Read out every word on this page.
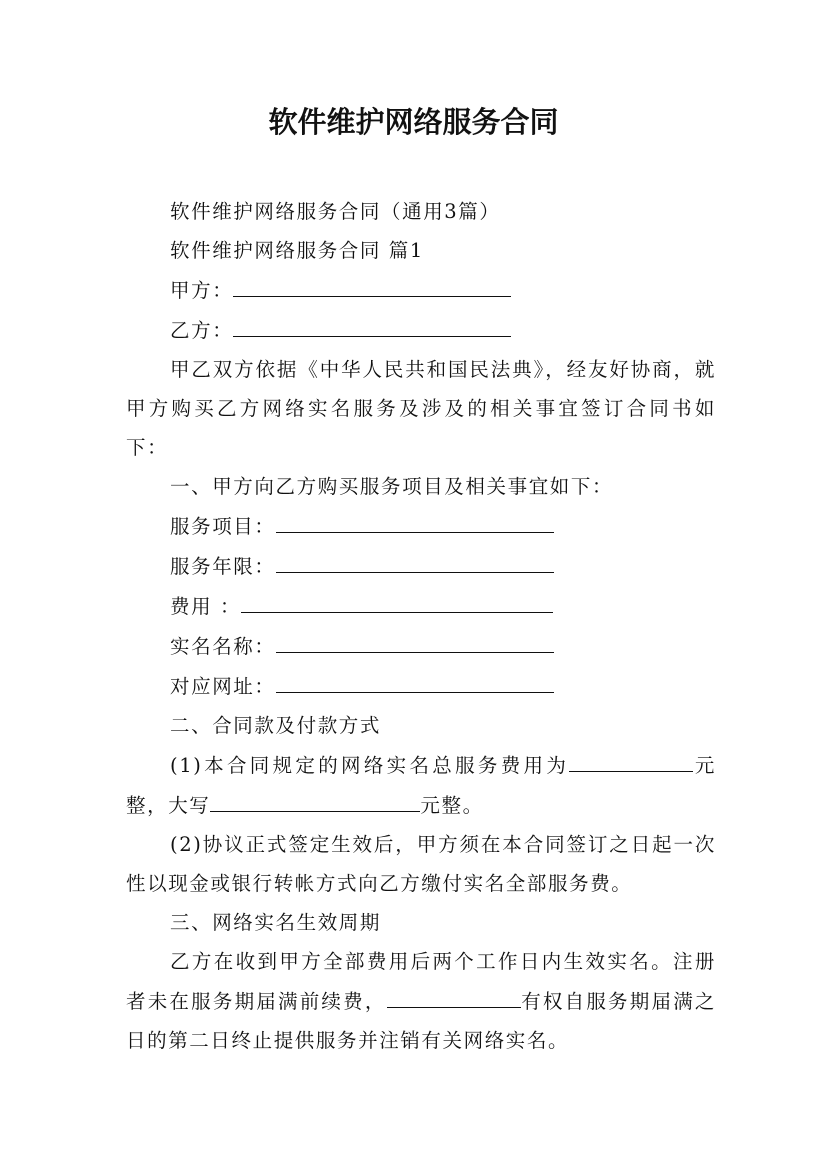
软件维护网络服务合同

软件维护网络服务合同（通用3篇）

软件维护网络服务合同 篇1

甲方：

乙方：

甲乙双方依据《中华人民共和国民法典》，经友好协商，就甲方购买乙方网络实名服务及涉及的相关事宜签订合同书如下：

一、甲方向乙方购买服务项目及相关事宜如下：

服务项目：

服务年限：

费用 ：

实名名称：

对应网址：

二、合同款及付款方式

(1)本合同规定的网络实名总服务费用为	元整，大写	元整。

(2)协议正式签定生效后，甲方须在本合同签订之日起一次性以现金或银行转帐方式向乙方缴付实名全部服务费。

三、网络实名生效周期

乙方在收到甲方全部费用后两个工作日内生效实名。注册者未在服务期届满前续费，	有权自服务期届满之日的第二日终止提供服务并注销有关网络实名。
